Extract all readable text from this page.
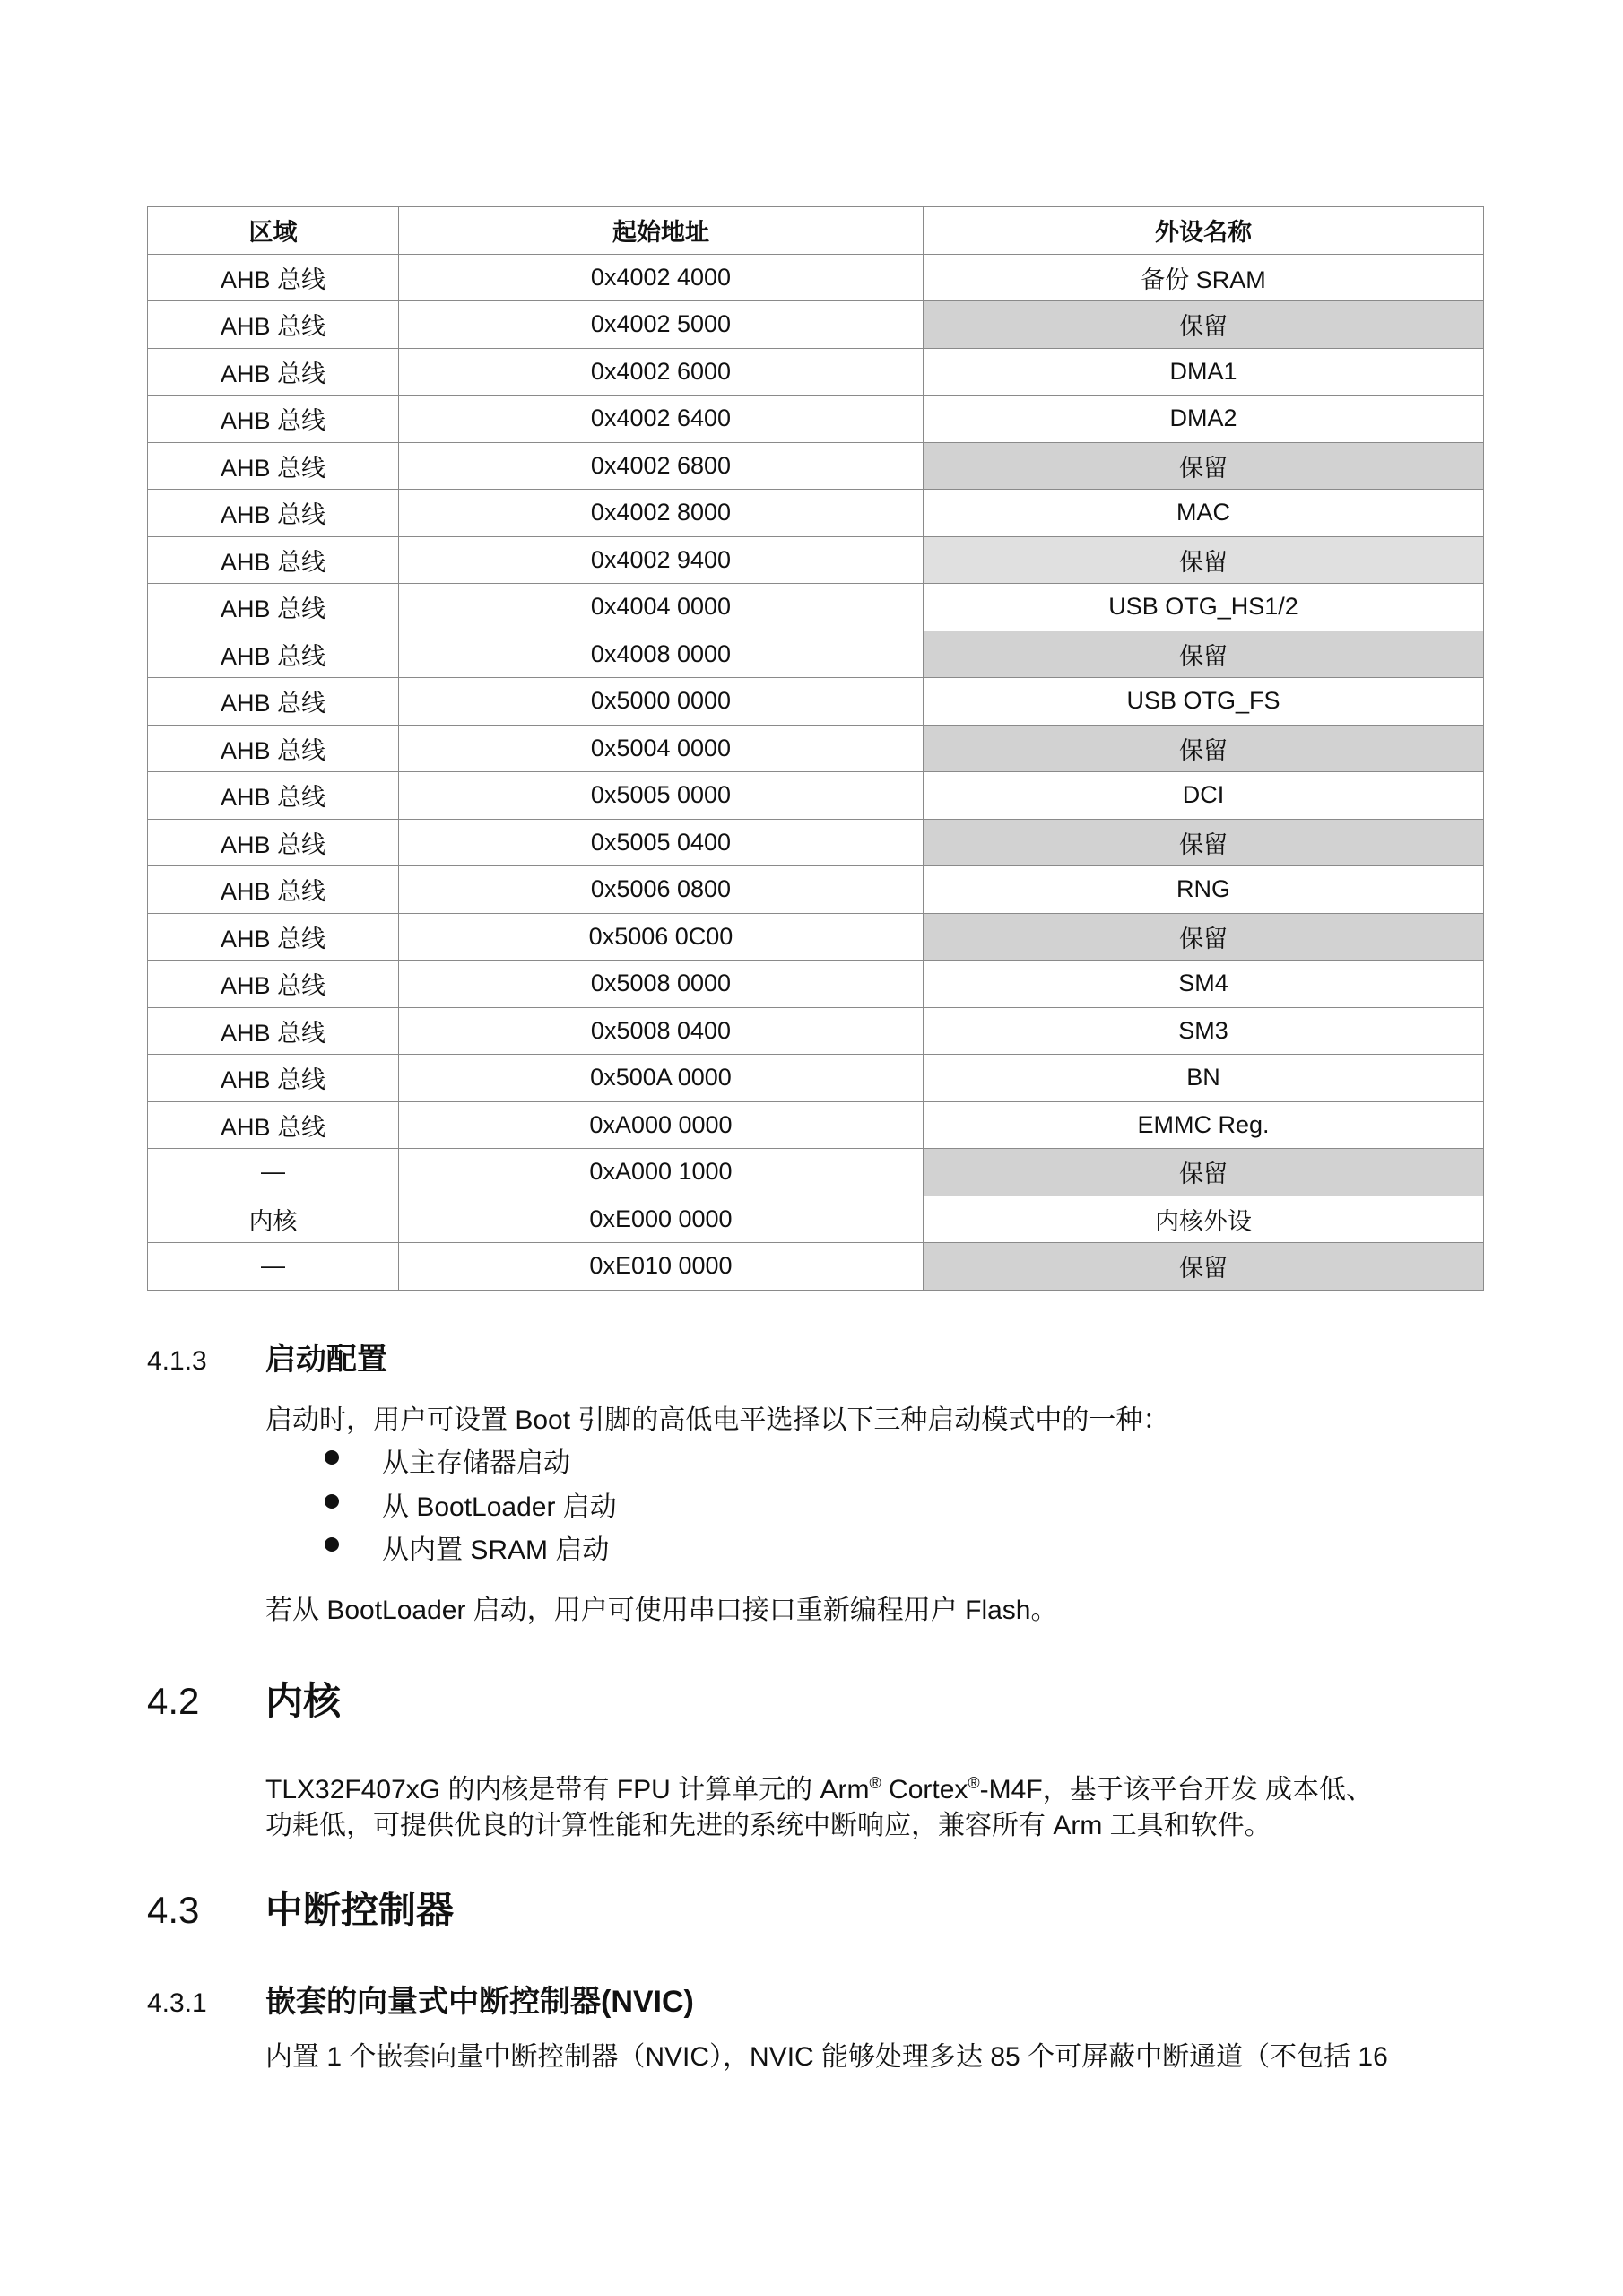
区域	起始地址	外设名称
AHB 总线	0x4002 4000	备份 SRAM
AHB 总线	0x4002 5000	保留
AHB 总线	0x4002 6000	DMA1
AHB 总线	0x4002 6400	DMA2
AHB 总线	0x4002 6800	保留
AHB 总线	0x4002 8000	MAC
AHB 总线	0x4002 9400	保留
AHB 总线	0x4004 0000	USB OTG_HS1/2
AHB 总线	0x4008 0000	保留
AHB 总线	0x5000 0000	USB OTG_FS
AHB 总线	0x5004 0000	保留
AHB 总线	0x5005 0000	DCI
AHB 总线	0x5005 0400	保留
AHB 总线	0x5006 0800	RNG
AHB 总线	0x5006 0C00	保留
AHB 总线	0x5008 0000	SM4
AHB 总线	0x5008 0400	SM3
AHB 总线	0x500A 0000	BN
AHB 总线	0xA000 0000	EMMC Reg.
—	0xA000 1000	保留
内核	0xE000 0000	内核外设
—	0xE010 0000	保留
4.1.3 启动配置
启动时，用户可设置 Boot 引脚的高低电平选择以下三种启动模式中的一种：
从主存储器启动
从 BootLoader 启动
从内置 SRAM 启动
若从 BootLoader 启动，用户可使用串口接口重新编程用户 Flash。
4.2 内核
TLX32F407xG 的内核是带有 FPU 计算单元的 Arm® Cortex®-M4F，基于该平台开发 成本低、
功耗低，可提供优良的计算性能和先进的系统中断响应，兼容所有 Arm 工具和软件。
4.3 中断控制器
4.3.1 嵌套的向量式中断控制器(NVIC)
内置 1 个嵌套向量中断控制器（NVIC），NVIC 能够处理多达 85 个可屏蔽中断通道（不包括 16
